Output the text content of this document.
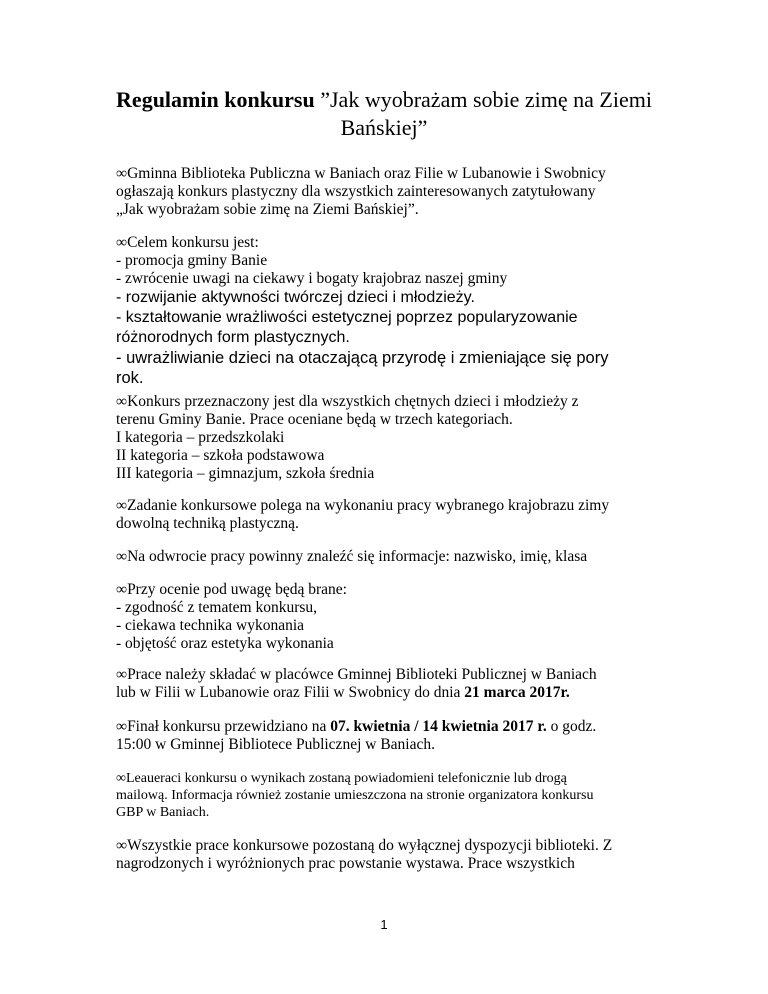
Regulamin konkursu ”Jak wyobrażam sobie zimę na Ziemi
Bańskiej”
∞Gminna Biblioteka Publiczna w Baniach oraz Filie w Lubanowie i Swobnicy
ogłaszają konkurs plastyczny dla wszystkich zainteresowanych zatytułowany
„Jak wyobrażam sobie zimę na Ziemi Bańskiej”.
∞Celem konkursu jest:
- promocja gminy Banie
- zwrócenie uwagi na ciekawy i bogaty krajobraz naszej gminy
- rozwijanie aktywności twórczej dzieci i młodzieży.
- kształtowanie wrażliwości estetycznej poprzez popularyzowanie
różnorodnych form plastycznych.
- uwrażliwianie dzieci na otaczającą przyrodę i zmieniające się pory
rok.
∞Konkurs przeznaczony jest dla wszystkich chętnych dzieci i młodzieży z
terenu Gminy Banie. Prace oceniane będą w trzech kategoriach.
I kategoria – przedszkolaki
II kategoria – szkoła podstawowa
III kategoria – gimnazjum, szkoła średnia
∞Zadanie konkursowe polega na wykonaniu pracy wybranego krajobrazu zimy
dowolną techniką plastyczną.
∞Na odwrocie pracy powinny znaleźć się informacje: nazwisko, imię, klasa
∞Przy ocenie pod uwagę będą brane:
- zgodność z tematem konkursu,
- ciekawa technika wykonania
- objętość oraz estetyka wykonania
∞Prace należy składać w placówce Gminnej Biblioteki Publicznej w Baniach
lub w Filii w Lubanowie oraz Filii w Swobnicy do dnia 21 marca 2017r.
∞Finał konkursu przewidziano na 07. kwietnia / 14 kwietnia 2017 r. o godz.
15:00 w Gminnej Bibliotece Publicznej w Baniach.
∞Leaueraci konkursu o wynikach zostaną powiadomieni telefonicznie lub drogą
mailową. Informacja również zostanie umieszczona na stronie organizatora konkursu
GBP w Baniach.
∞Wszystkie prace konkursowe pozostaną do wyłącznej dyspozycji biblioteki. Z
nagrodzonych i wyróżnionych prac powstanie wystawa. Prace wszystkich
1
